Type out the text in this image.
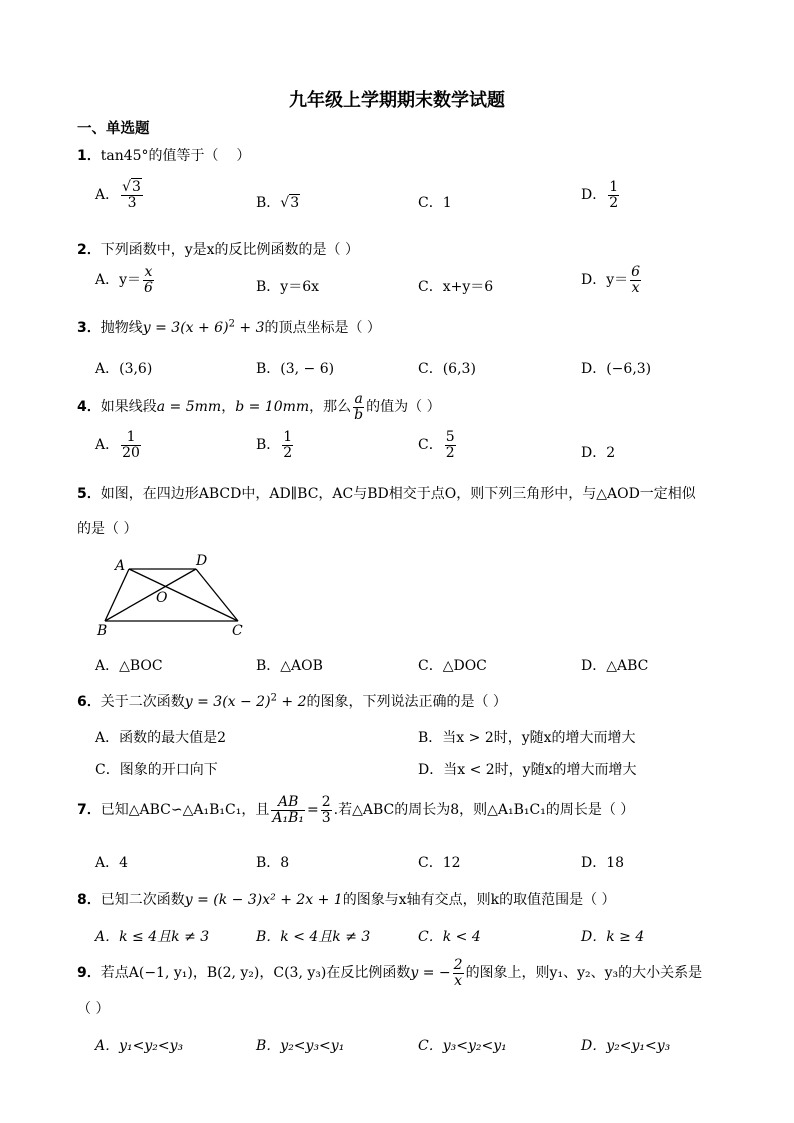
九年级上学期期末数学试题
一、单选题
1．tan45°的值等于（ ）
A． $\frac{√3}{3}$	B．√3	C．1	D． $\frac{1}{2}$
2．下列函数中，y是x的反比例函数的是（ ）
A．$y= \frac{x}{6}$	B．y＝6x	C．x+y＝6	D．$y= \frac{6}{x}$
3．抛物线$y = 3(x + 6)^2 + 3$的顶点坐标是（ ）
A．(3,6)	B．(3, − 6)	C．(6,3)	D．(−6,3)
4．如果线段a = 5mm，b = 10mm，那么 $\frac{a}{b}$ 的值为（ ）
A． $\frac{1}{20}$	B． $\frac{1}{2}$	C． $\frac{5}{2}$	D．2
5．如图，在四边形ABCD中，AD∥BC，AC与BD相交于点O，则下列三角形中，与△AOD一定相似
的是（ ）
A	D
O
B	C
A．△BOC	B．△AOB	C．△DOC	D．△ABC
6．关于二次函数$y = 3(x - 2)^2 + 2$的图象，下列说法正确的是（ ）
A．函数的最大值是2	B．当x > 2时，y随x的增大而增大
C．图象的开口向下	D．当x < 2时，y随x的增大而增大
7．已知△ABC∽△A₁B₁C₁，且 $\frac{AB}{\text{A₁B₁}} = \frac{2}{3}$ .若△ABC的周长为8，则△A₁B₁C₁的周长是（ ）
A．4	B．8	C．12	D．18
8．已知二次函数y = (k − 3)x² + 2x + 1的图象与x轴有交点，则k的取值范围是（ ）
A．k ≤ 4且k ≠ 3	B．k < 4且k ≠ 3	C．k < 4	D．k ≥ 4
9．若点A(−1, y₁)，B(2, y₂)，C(3, y₃)在反比例函数y = − $\frac{2}{x}$ 的图象上，则y₁、y₂、y₃的大小关系是
（ ）
A．y₁<y₂<y₃	B．y₂<y₃<y₁	C．y₃<y₂<y₁	D．y₂<y₁<y₃
